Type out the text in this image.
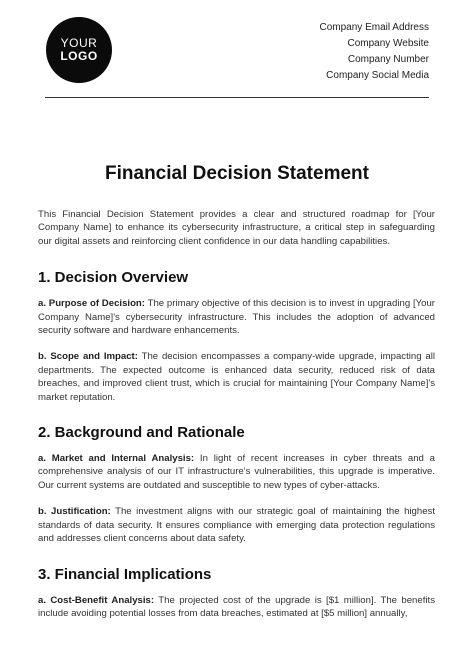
YOUR
LOGO
Company Email Address
Company Website
Company Number
Company Social Media
Financial Decision Statement

This Financial Decision Statement provides a clear and structured roadmap for [Your Company Name] to enhance its cybersecurity infrastructure, a critical step in safeguarding our digital assets and reinforcing client confidence in our data handling capabilities.

1. Decision Overview

a. Purpose of Decision: The primary objective of this decision is to invest in upgrading [Your Company Name]'s cybersecurity infrastructure. This includes the adoption of advanced security software and hardware enhancements.

b. Scope and Impact: The decision encompasses a company-wide upgrade, impacting all departments. The expected outcome is enhanced data security, reduced risk of data breaches, and improved client trust, which is crucial for maintaining [Your Company Name]'s market reputation.

2. Background and Rationale

a. Market and Internal Analysis: In light of recent increases in cyber threats and a comprehensive analysis of our IT infrastructure's vulnerabilities, this upgrade is imperative. Our current systems are outdated and susceptible to new types of cyber-attacks.

b. Justification: The investment aligns with our strategic goal of maintaining the highest standards of data security. It ensures compliance with emerging data protection regulations and addresses client concerns about data safety.

3. Financial Implications

a. Cost-Benefit Analysis: The projected cost of the upgrade is [$1 million]. The benefits include avoiding potential losses from data breaches, estimated at [$5 million] annually,
